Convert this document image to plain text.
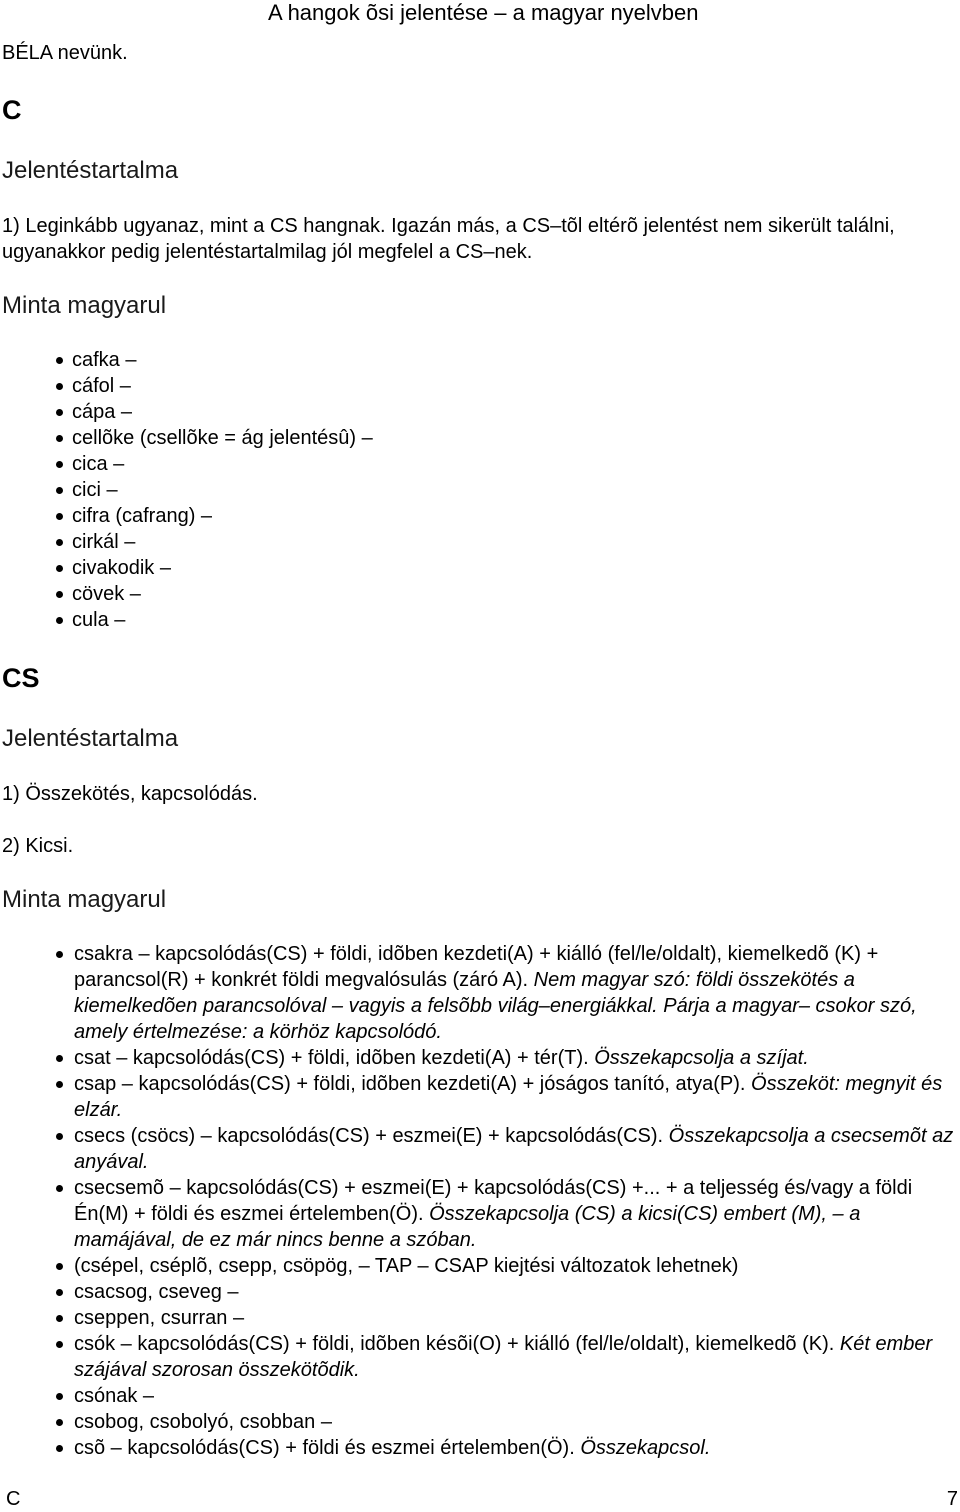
A hangok õsi jelentése – a magyar nyelvben
BÉLA nevünk.
C
Jelentéstartalma
1) Leginkább ugyanaz, mint a CS hangnak. Igazán más, a CS–tõl eltérõ jelentést nem sikerült találni, ugyanakkor pedig jelentéstartalmilag jól megfelel a CS–nek.
Minta magyarul
cafka –
cáfol –
cápa –
cellõke (csellõke = ág jelentésû) –
cica –
cici –
cifra (cafrang) –
cirkál –
civakodik –
cövek –
cula –
CS
Jelentéstartalma
1) Összekötés, kapcsolódás.
2) Kicsi.
Minta magyarul
csakra – kapcsolódás(CS) + földi, idõben kezdeti(A) + kiálló (fel/le/oldalt), kiemelkedõ (K) + parancsol(R) + konkrét földi megvalósulás (záró A). Nem magyar szó: földi összekötés a kiemelkedõen parancsolóval – vagyis a felsõbb világ–energiákkal. Párja a magyar– csokor szó, amely értelmezése: a körhöz kapcsolódó.
csat – kapcsolódás(CS) + földi, idõben kezdeti(A) + tér(T). Összekapcsolja a szíjat.
csap – kapcsolódás(CS) + földi, idõben kezdeti(A) + jóságos tanító, atya(P). Összeköt: megnyit és elzár.
csecs (csöcs) – kapcsolódás(CS) + eszmei(E) + kapcsolódás(CS). Összekapcsolja a csecsemõt az anyával.
csecsemõ – kapcsolódás(CS) + eszmei(E) + kapcsolódás(CS) +... + a teljesség és/vagy a földi Én(M) + földi és eszmei értelemben(Ö). Összekapcsolja (CS) a kicsi(CS) embert (M), – a mamájával, de ez már nincs benne a szóban.
(csépel, cséplõ, csepp, csöpög, – TAP – CSAP kiejtési változatok lehetnek)
csacsog, cseveg –
cseppen, csurran –
csók – kapcsolódás(CS) + földi, idõben késõi(O) + kiálló (fel/le/oldalt), kiemelkedõ (K). Két ember szájával szorosan összekötõdik.
csónak –
csobog, csobolyó, csobban –
csõ – kapcsolódás(CS) + földi és eszmei értelemben(Ö). Összekapcsol.
C	7
